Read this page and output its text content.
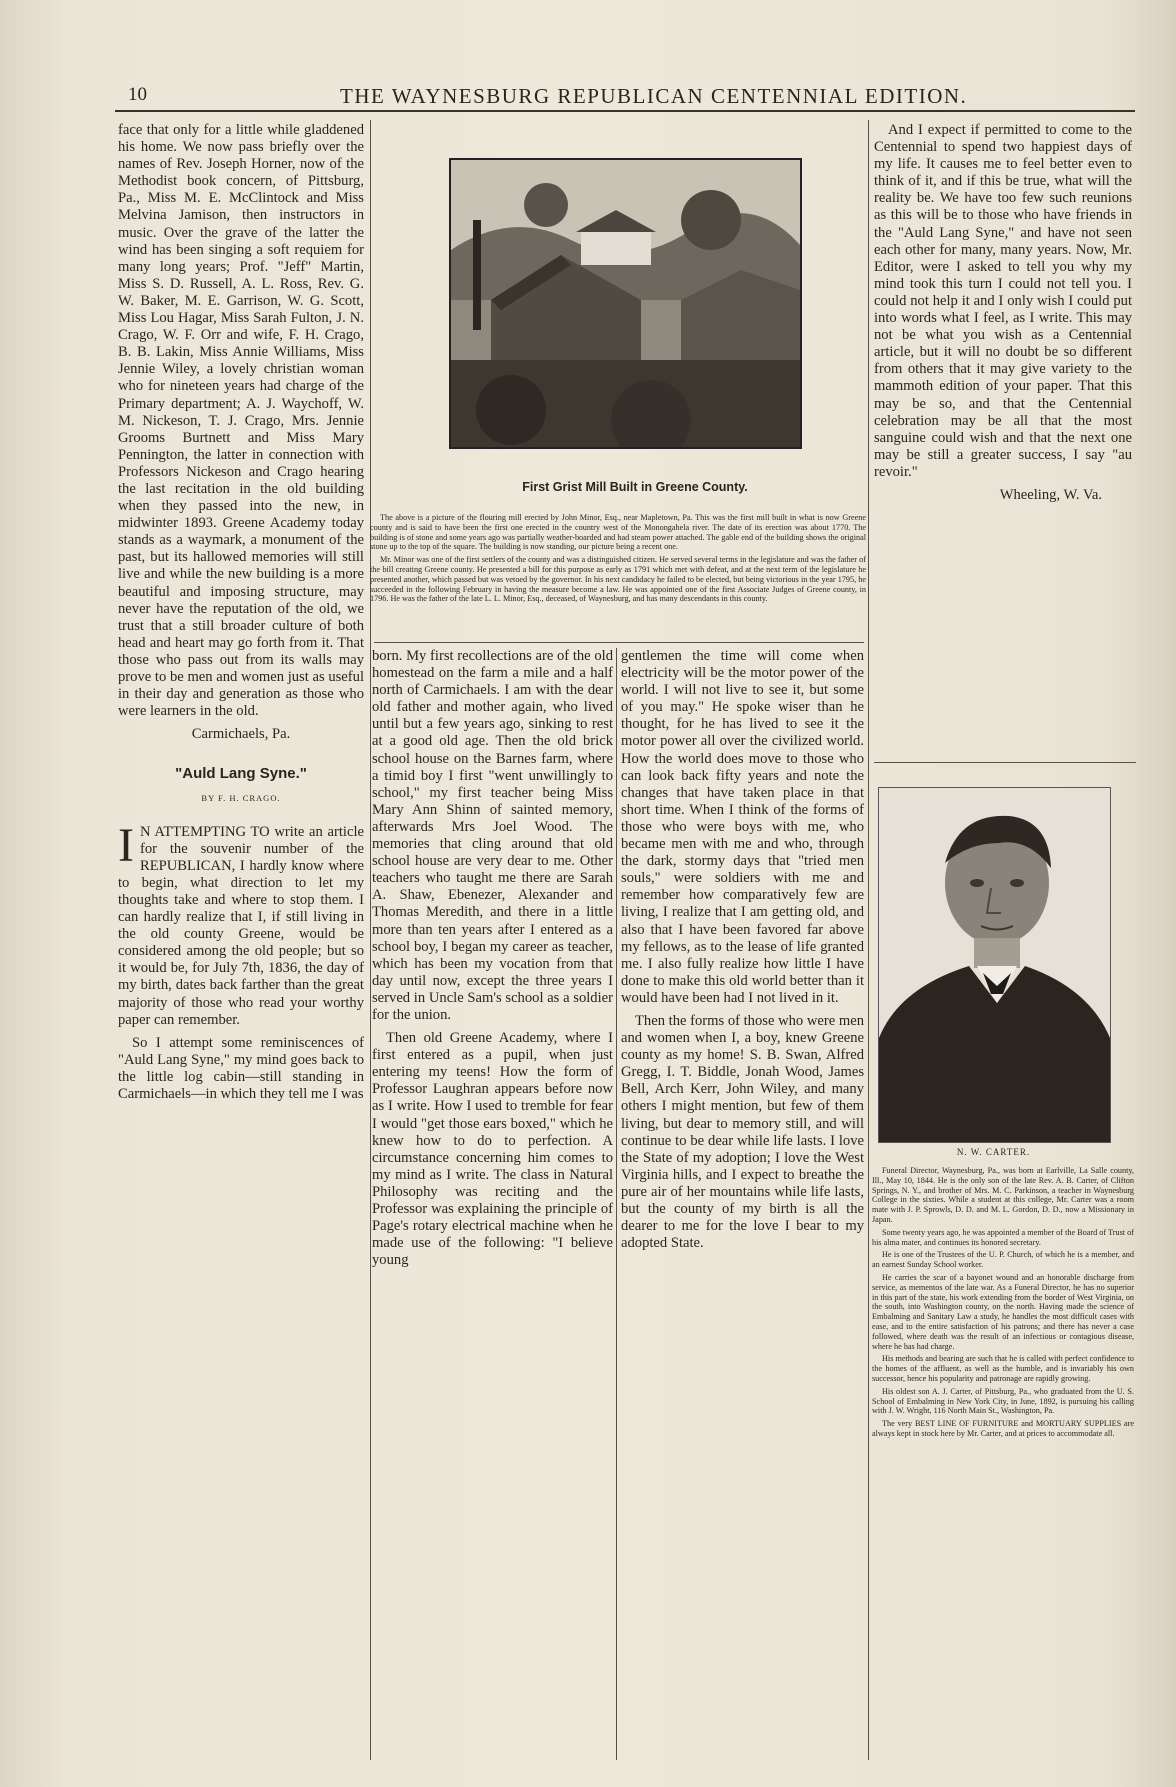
10	THE WAYNESBURG REPUBLICAN CENTENNIAL EDITION.

face that only for a little while gladdened his home. We now pass briefly over the names of Rev. Joseph Horner, now of the Methodist book concern, of Pittsburg, Pa., Miss M. E. McClintock and Miss Melvina Jamison, then instructors in music. Over the grave of the latter the wind has been singing a soft requiem for many long years; Prof. "Jeff" Martin, Miss S. D. Russell, A. L. Ross, Rev. G. W. Baker, M. E. Garrison, W. G. Scott, Miss Lou Hagar, Miss Sarah Fulton, J. N. Crago, W. F. Orr and wife, F. H. Crago, B. B. Lakin, Miss Annie Williams, Miss Jennie Wiley, a lovely christian woman who for nineteen years had charge of the Primary department; A. J. Waychoff, W. M. Nickeson, T. J. Crago, Mrs. Jennie Grooms Burtnett and Miss Mary Pennington, the latter in connection with Professors Nickeson and Crago hearing the last recitation in the old building when they passed into the new, in midwinter 1893. Greene Academy today stands as a waymark, a monument of the past, but its hallowed memories will still live and while the new building is a more beautiful and imposing structure, may never have the reputation of the old, we trust that a still broader culture of both head and heart may go forth from it. That those who pass out from its walls may prove to be men and women just as useful in their day and generation as those who were learners in the old.

Carmichaels, Pa.

"Auld Lang Syne."
BY F. H. CRAGO.

I N ATTEMPTING TO write an article for the souvenir number of the REPUBLICAN, I hardly know where to begin, what direction to let my thoughts take and where to stop them. I can hardly realize that I, if still living in the old county Greene, would be considered among the old people; but so it would be, for July 7th, 1836, the day of my birth, dates back farther than the great majority of those who read your worthy paper can remember.

So I attempt some reminiscences of "Auld Lang Syne," my mind goes back to the little log cabin—still standing in Carmichaels—in which they tell me I was

First Grist Mill Built in Greene County.

The above is a picture of the flouring mill erected by John Minor, Esq., near Mapletown, Pa. This was the first mill built in what is now Greene county and is said to have been the first one erected in the country west of the Monongahela river. The date of its erection was about 1770. The building is of stone and some years ago was partially weather-boarded and had steam power attached. The gable end of the building shows the original stone up to the top of the square. The building is now standing, our picture being a recent one.

Mr. Minor was one of the first settlers of the county and was a distinguished citizen. He served several terms in the legislature and was the father of the bill creating Greene county. He presented a bill for this purpose as early as 1791 which met with defeat, and at the next term of the legislature he presented another, which passed but was vetoed by the governor. In his next candidacy he failed to be elected, but being victorious in the year 1795, he succeeded in the following February in having the measure become a law. He was appointed one of the first Associate Judges of Greene county, in 1796. He was the father of the late L. L. Minor, Esq., deceased, of Waynesburg, and has many descendants in this county.

born. My first recollections are of the old homestead on the farm a mile and a half north of Carmichaels. I am with the dear old father and mother again, who lived until but a few years ago, sinking to rest at a good old age. Then the old brick school house on the Barnes farm, where a timid boy I first "went unwillingly to school," my first teacher being Miss Mary Ann Shinn of sainted memory, afterwards Mrs Joel Wood. The memories that cling around that old school house are very dear to me. Other teachers who taught me there are Sarah A. Shaw, Ebenezer, Alexander and Thomas Meredith, and there in a little more than ten years after I entered as a school boy, I began my career as teacher, which has been my vocation from that day until now, except the three years I served in Uncle Sam's school as a soldier for the union.

Then old Greene Academy, where I first entered as a pupil, when just entering my teens! How the form of Professor Laughran appears before now as I write. How I used to tremble for fear I would "get those ears boxed," which he knew how to do to perfection. A circumstance concerning him comes to my mind as I write. The class in Natural Philosophy was reciting and the Professor was explaining the principle of Page's rotary electrical machine when he made use of the following: "I believe young

gentlemen the time will come when electricity will be the motor power of the world. I will not live to see it, but some of you may." He spoke wiser than he thought, for he has lived to see it the motor power all over the civilized world. How the world does move to those who can look back fifty years and note the changes that have taken place in that short time. When I think of the forms of those who were boys with me, who became men with me and who, through the dark, stormy days that "tried men souls," were soldiers with me and remember how comparatively few are living, I realize that I am getting old, and also that I have been favored far above my fellows, as to the lease of life granted me. I also fully realize how little I have done to make this old world better than it would have been had I not lived in it.

Then the forms of those who were men and women when I, a boy, knew Greene county as my home! S. B. Swan, Alfred Gregg, I. T. Biddle, Jonah Wood, James Bell, Arch Kerr, John Wiley, and many others I might mention, but few of them living, but dear to memory still, and will continue to be dear while life lasts. I love the State of my adoption; I love the West Virginia hills, and I expect to breathe the pure air of her mountains while life lasts, but the county of my birth is all the dearer to me for the love I bear to my adopted State.

And I expect if permitted to come to the Centennial to spend two happiest days of my life. It causes me to feel better even to think of it, and if this be true, what will the reality be. We have too few such reunions as this will be to those who have friends in the "Auld Lang Syne," and have not seen each other for many, many years. Now, Mr. Editor, were I asked to tell you why my mind took this turn I could not tell you. I could not help it and I only wish I could put into words what I feel, as I write. This may not be what you wish as a Centennial article, but it will no doubt be so different from others that it may give variety to the mammoth edition of your paper. That this may be so, and that the Centennial celebration may be all that the most sanguine could wish and that the next one may be still a greater success, I say "au revoir."

Wheeling, W. Va.

N. W. CARTER.

Funeral Director, Waynesburg, Pa., was born at Earlville, La Salle county, Ill., May 10, 1844. He is the only son of the late Rev. A. B. Carter, of Clifton Springs, N. Y., and brother of Mrs. M. C. Parkinson, a teacher in Waynesburg College in the sixties. While a student at this college, Mr. Carter was a room mate with J. P. Sprowls, D. D. and M. L. Gordon, D. D., now a Missionary in Japan.

Some twenty years ago, he was appointed a member of the Board of Trust of his alma mater, and continues its honored secretary.

He is one of the Trustees of the U. P. Church, of which he is a member, and an earnest Sunday School worker.

He carries the scar of a bayonet wound and an honorable discharge from service, as mementos of the late war. As a Funeral Director, he has no superior in this part of the state, his work extending from the border of West Virginia, on the south, into Washington county, on the north. Having made the science of Embalming and Sanitary Law a study, he handles the most difficult cases with ease, and to the entire satisfaction of his patrons; and there has never a case followed, where death was the result of an infectious or contagious disease, where he has had charge.

His methods and bearing are such that he is called with perfect confidence to the homes of the affluent, as well as the humble, and is invariably his own successor, hence his popularity and patronage are rapidly growing.

His oldest son A. J. Carter, of Pittsburg, Pa., who graduated from the U. S. School of Embalming in New York City, in June, 1892, is pursuing his calling with J. W. Wright, 116 North Main St., Washington, Pa.

The very BEST LINE OF FURNITURE and MORTUARY SUPPLIES are always kept in stock here by Mr. Carter, and at prices to accommodate all.
